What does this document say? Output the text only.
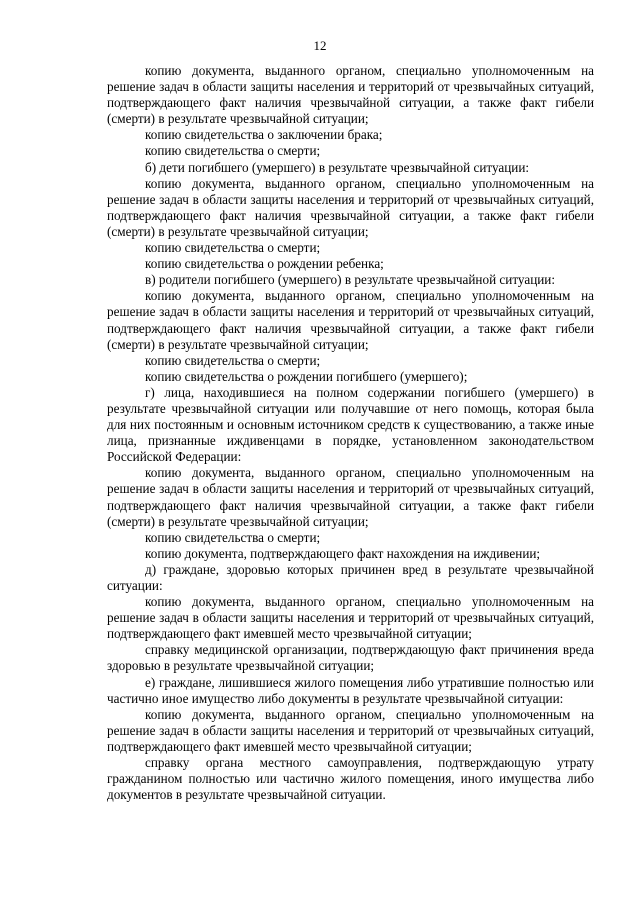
12

копию документа, выданного органом, специально уполномоченным на решение задач в области защиты населения и территорий от чрезвычайных ситуаций, подтверждающего факт наличия чрезвычайной ситуации, а также факт гибели (смерти) в результате чрезвычайной ситуации;

копию свидетельства о заключении брака;

копию свидетельства о смерти;

б) дети погибшего (умершего) в результате чрезвычайной ситуации:

копию документа, выданного органом, специально уполномоченным на решение задач в области защиты населения и территорий от чрезвычайных ситуаций, подтверждающего факт наличия чрезвычайной ситуации, а также факт гибели (смерти) в результате чрезвычайной ситуации;

копию свидетельства о смерти;

копию свидетельства о рождении ребенка;

в) родители погибшего (умершего) в результате чрезвычайной ситуации:

копию документа, выданного органом, специально уполномоченным на решение задач в области защиты населения и территорий от чрезвычайных ситуаций, подтверждающего факт наличия чрезвычайной ситуации, а также факт гибели (смерти) в результате чрезвычайной ситуации;

копию свидетельства о смерти;

копию свидетельства о рождении погибшего (умершего);

г) лица, находившиеся на полном содержании погибшего (умершего) в результате чрезвычайной ситуации или получавшие от него помощь, которая была для них постоянным и основным источником средств к существованию, а также иные лица, признанные иждивенцами в порядке, установленном законодательством Российской Федерации:

копию документа, выданного органом, специально уполномоченным на решение задач в области защиты населения и территорий от чрезвычайных ситуаций, подтверждающего факт наличия чрезвычайной ситуации, а также факт гибели (смерти) в результате чрезвычайной ситуации;

копию свидетельства о смерти;

копию документа, подтверждающего факт нахождения на иждивении;

д) граждане, здоровью которых причинен вред в результате чрезвычайной ситуации:

копию документа, выданного органом, специально уполномоченным на решение задач в области защиты населения и территорий от чрезвычайных ситуаций, подтверждающего факт имевшей место чрезвычайной ситуации;

справку медицинской организации, подтверждающую факт причинения вреда здоровью в результате чрезвычайной ситуации;

е) граждане, лишившиеся жилого помещения либо утратившие полностью или частично иное имущество либо документы в результате чрезвычайной ситуации:

копию документа, выданного органом, специально уполномоченным на решение задач в области защиты населения и территорий от чрезвычайных ситуаций, подтверждающего факт имевшей место чрезвычайной ситуации;

справку органа местного самоуправления, подтверждающую утрату гражданином полностью или частично жилого помещения, иного имущества либо документов в результате чрезвычайной ситуации.
